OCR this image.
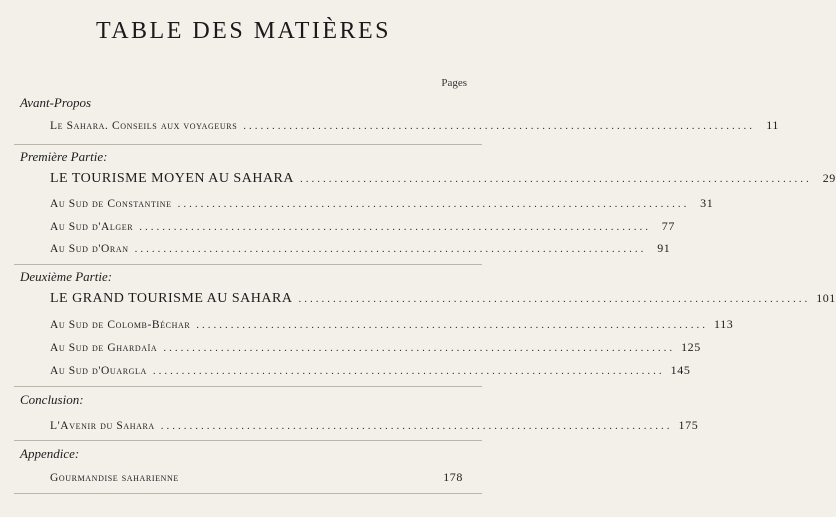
TABLE DES MATIÈRES
Pages
Avant-Propos
Le Sahara. Conseils aux voyageurs ......................................................................................... 11
Première Partie:
LE TOURISME MOYEN AU SAHARA ......................................................................................... 29
Au Sud de Constantine ......................................................................................... 31
Au Sud d'Alger ......................................................................................... 77
Au Sud d'Oran ......................................................................................... 91
Deuxième Partie:
LE GRAND TOURISME AU SAHARA ......................................................................................... 101
Au Sud de Colomb-Béchar ......................................................................................... 113
Au Sud de Ghardaïa ......................................................................................... 125
Au Sud d'Ouargla ......................................................................................... 145
Conclusion:
L'Avenir du Sahara ......................................................................................... 175
Appendice:
Gourmandise saharienne	178
